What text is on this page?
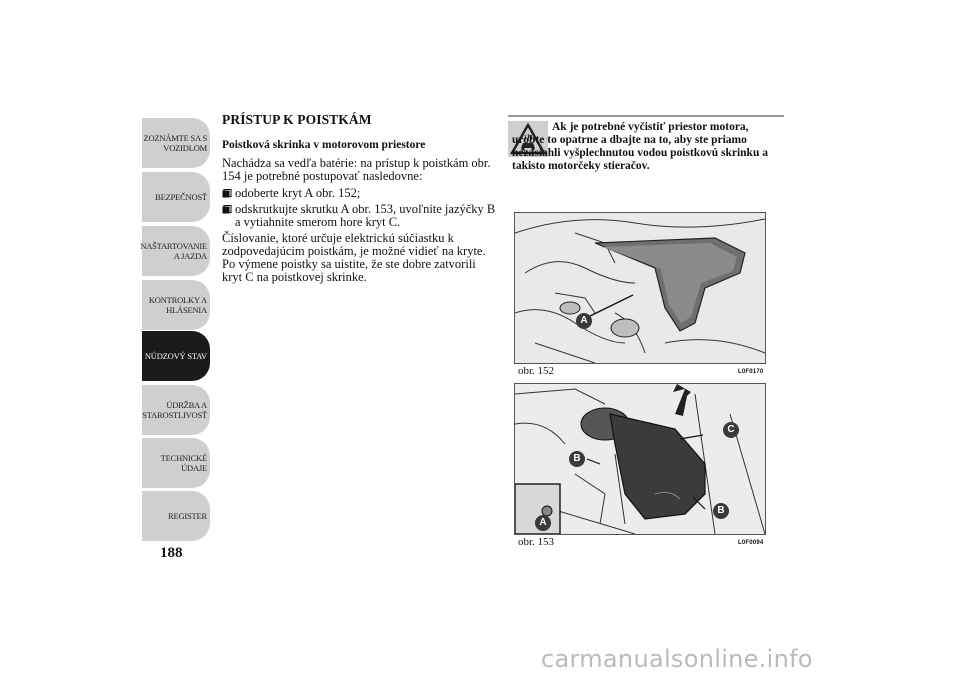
ZOZNÁMTE SA S
VOZIDLOM
BEZPEČNOSŤ
NAŠTARTOVANIE
A JAZDA
KONTROLKY A
HLÁSENIA
NÚDZOVÝ STAV
ÚDRŽBA A
STAROSTLIVOSŤ
TECHNICKÉ
ÚDAJE
REGISTER
188
PRÍSTUP K POISTKÁM
Poistková skrinka v motorovom priestore
Nachádza sa vedľa batérie: na prístup k poistkám obr. 154 je potrebné postupovať nasledovne:
odoberte kryt A obr. 152;
odskrutkujte skrutku A obr. 153, uvoľnite jazýčky B a vytiahnite smerom hore kryt C.
Číslovanie, ktoré určuje elektrickú súčiastku k zodpovedajúcim poistkám, je možné vidieť na kryte. Po výmene poistky sa uistite, že ste dobre zatvorili kryt C na poistkovej skrinke.
Ak je potrebné vyčistiť priestor motora, urobte to opatrne a dbajte na to, aby ste priamo nezasiahli vyšplechnutou vodou poistkovú skrinku a takisto motorčeky stieračov.
A
obr. 152	L0F0170
C
B
B
A
obr. 153	L0F0094
carmanualsonline.info
